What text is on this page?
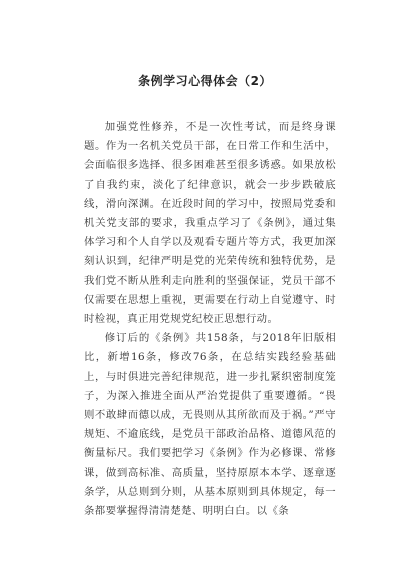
条例学习心得体会（2）

加强党性修养，不是一次性考试，而是终身课题。作为一名机关党员干部，在日常工作和生活中，会面临很多选择、很多困难甚至很多诱惑。如果放松了自我约束，淡化了纪律意识，就会一步步跌破底线，滑向深渊。在近段时间的学习中，按照局党委和机关党支部的要求，我重点学习了《条例》，通过集体学习和个人自学以及观看专题片等方式，我更加深刻认识到，纪律严明是党的光荣传统和独特优势，是我们党不断从胜利走向胜利的坚强保证，党员干部不仅需要在思想上重视，更需要在行动上自觉遵守、时时检视，真正用党规党纪校正思想行动。

修订后的《条例》共158条，与2018年旧版相比，新增16条，修改76条，在总结实践经验基础上，与时俱进完善纪律规范，进一步扎紧织密制度笼子，为深入推进全面从严治党提供了重要遵循。“畏则不敢肆而德以成，无畏则从其所欲而及于祸。”严守规矩、不逾底线，是党员干部政治品格、道德风范的衡量标尺。我们要把学习《条例》作为必修课、常修课，做到高标准、高质量，坚持原原本本学、逐章逐条学，从总则到分则，从基本原则到具体规定，每一条都要掌握得清清楚楚、明明白白。以《条
